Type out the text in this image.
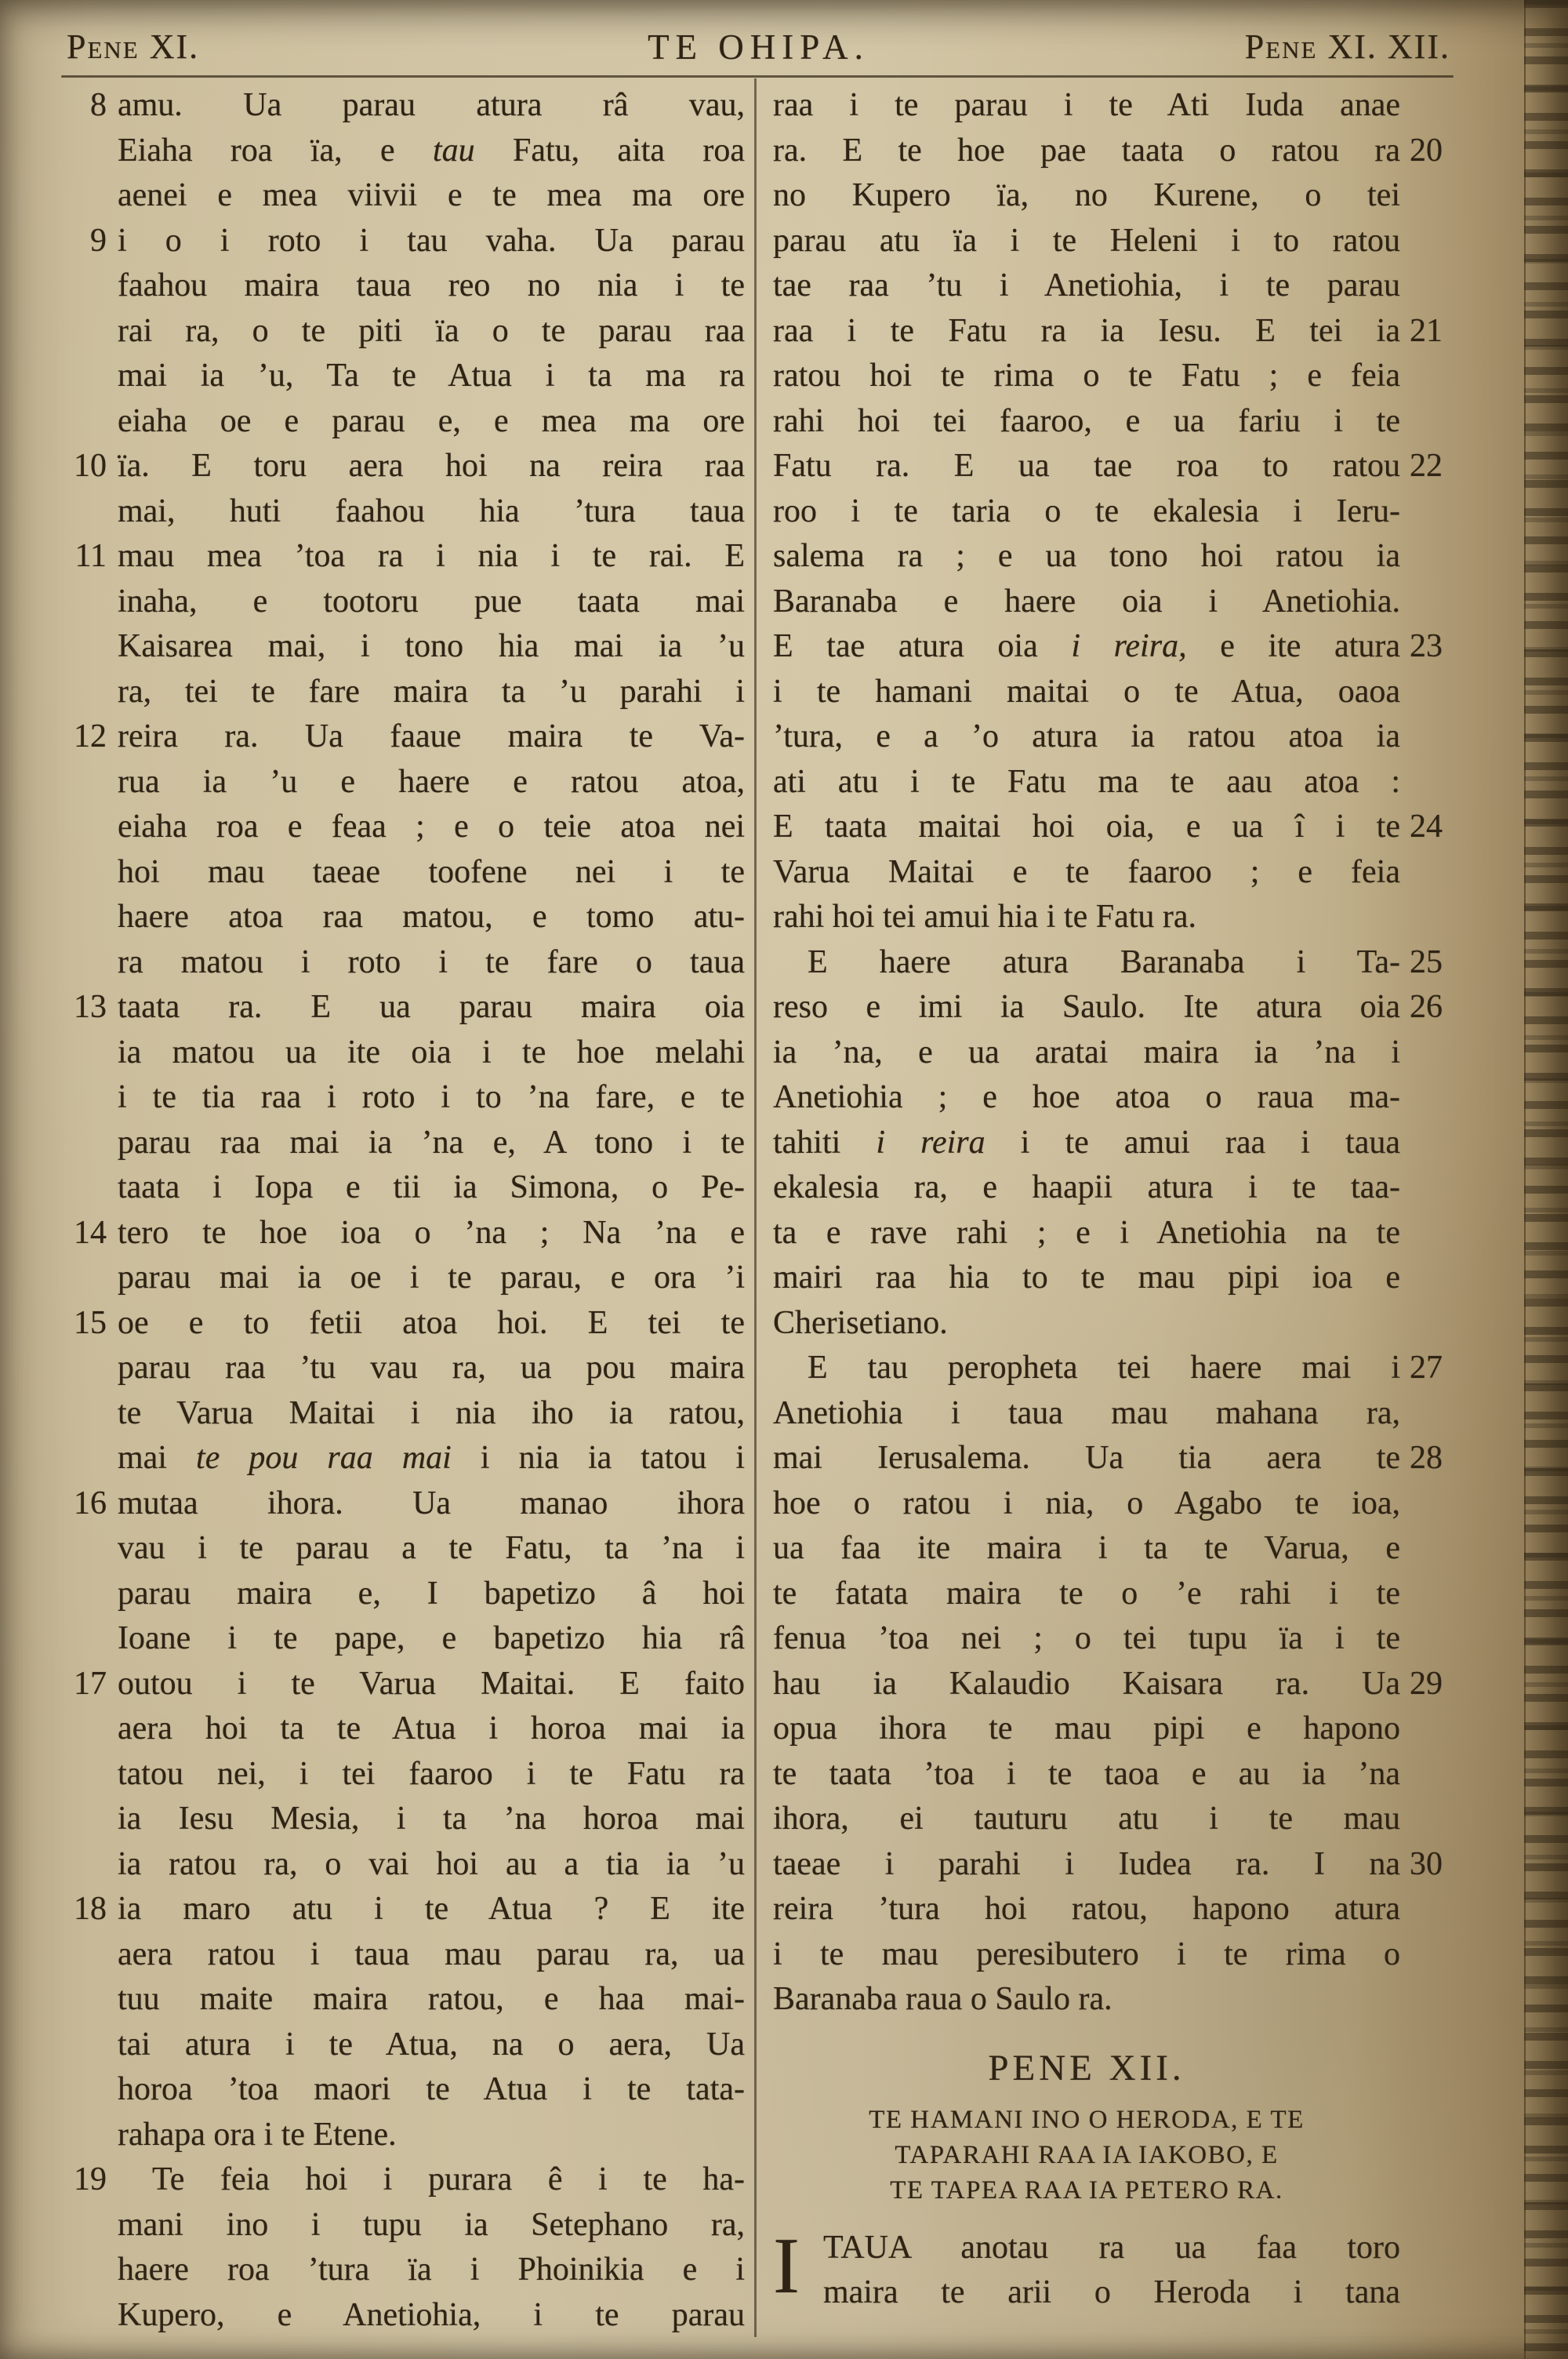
Pene XI.	TE OHIPA.	Pene XI. XII.
8 amu. Ua parau atura râ vau,
Eiaha roa ïa, e tau Fatu, aita roa
aenei e mea viivii e te mea ma ore
9 i o i roto i tau vaha. Ua parau
faahou maira taua reo no nia i te
rai ra, o te piti ïa o te parau raa
mai ia ’u, Ta te Atua i ta ma ra
eiaha oe e parau e, e mea ma ore
10 ïa. E toru aera hoi na reira raa
mai, huti faahou hia ’tura taua
11 mau mea ’toa ra i nia i te rai. E
inaha, e tootoru pue taata mai
Kaisarea mai, i tono hia mai ia ’u
ra, tei te fare maira ta ’u parahi i
12 reira ra. Ua faaue maira te Va-
rua ia ’u e haere e ratou atoa,
eiaha roa e feaa ; e o teie atoa nei
hoi mau taeae toofene nei i te
haere atoa raa matou, e tomo atu-
ra matou i roto i te fare o taua
13 taata ra. E ua parau maira oia
ia matou ua ite oia i te hoe melahi
i te tia raa i roto i to ’na fare, e te
parau raa mai ia ’na e, A tono i te
taata i Iopa e tii ia Simona, o Pe-
14 tero te hoe ioa o ’na ; Na ’na e
parau mai ia oe i te parau, e ora ’i
15 oe e to fetii atoa hoi. E tei te
parau raa ’tu vau ra, ua pou maira
te Varua Maitai i nia iho ia ratou,
mai te pou raa mai i nia ia tatou i
16 mutaa ihora. Ua manao ihora
vau i te parau a te Fatu, ta ’na i
parau maira e, I bapetizo â hoi
Ioane i te pape, e bapetizo hia râ
17 outou i te Varua Maitai. E faito
aera hoi ta te Atua i horoa mai ia
tatou nei, i tei faaroo i te Fatu ra
ia Iesu Mesia, i ta ’na horoa mai
ia ratou ra, o vai hoi au a tia ia ’u
18 ia maro atu i te Atua ? E ite
aera ratou i taua mau parau ra, ua
tuu maite maira ratou, e haa mai-
tai atura i te Atua, na o aera, Ua
horoa ’toa maori te Atua i te tata-
rahapa ora i te Etene.
19	Te feia hoi i purara ê i te ha-
mani ino i tupu ia Setephano ra,
haere roa ’tura ïa i Phoinikia e i
Kupero, e Anetiohia, i te parau
raa i te parau i te Ati Iuda anae
20
ra. E te hoe pae taata o ratou ra
no Kupero ïa, no Kurene, o tei
parau atu ïa i te Heleni i to ratou
tae raa ’tu i Anetiohia, i te parau
21
raa i te Fatu ra ia Iesu. E tei ia
ratou hoi te rima o te Fatu ; e feia
rahi hoi tei faaroo, e ua fariu i te
22
Fatu ra. E ua tae roa to ratou
roo i te taria o te ekalesia i Ieru-
salema ra ; e ua tono hoi ratou ia
Baranaba e haere oia i Anetiohia.
23
E tae atura oia i reira, e ite atura
i te hamani maitai o te Atua, oaoa
’tura, e a ’o atura ia ratou atoa ia
ati atu i te Fatu ma te aau atoa :
24
E taata maitai hoi oia, e ua î i te
Varua Maitai e te faaroo ; e feia
rahi hoi tei amui hia i te Fatu ra.
25
E haere atura Baranaba i Ta-
26
reso e imi ia Saulo. Ite atura oia
ia ’na, e ua aratai maira ia ’na i
Anetiohia ; e hoe atoa o raua ma-
tahiti i reira i te amui raa i taua
ekalesia ra, e haapii atura i te taa-
ta e rave rahi ; e i Anetiohia na te
mairi raa hia to te mau pipi ioa e
Cherisetiano.
27
E tau peropheta tei haere mai i
Anetiohia i taua mau mahana ra,
28
mai Ierusalema. Ua tia aera te
hoe o ratou i nia, o Agabo te ioa,
ua faa ite maira i ta te Varua, e
te fatata maira te o ’e rahi i te
fenua ’toa nei ; o tei tupu ïa i te
29
hau ia Kalaudio Kaisara ra. Ua
opua ihora te mau pipi e hapono
te taata ’toa i te taoa e au ia ’na
ihora, ei tauturu atu i te mau
30
taeae i parahi i Iudea ra. I na
reira ’tura hoi ratou, hapono atura
i te mau peresibutero i te rima o
Baranaba raua o Saulo ra.
PENE XII.
TE HAMANI INO O HERODA, E TE
TAPARAHI RAA IA IAKOBO, E
TE TAPEA RAA IA PETERO RA.
I TAUA anotau ra ua faa toro
maira te arii o Heroda i tana
